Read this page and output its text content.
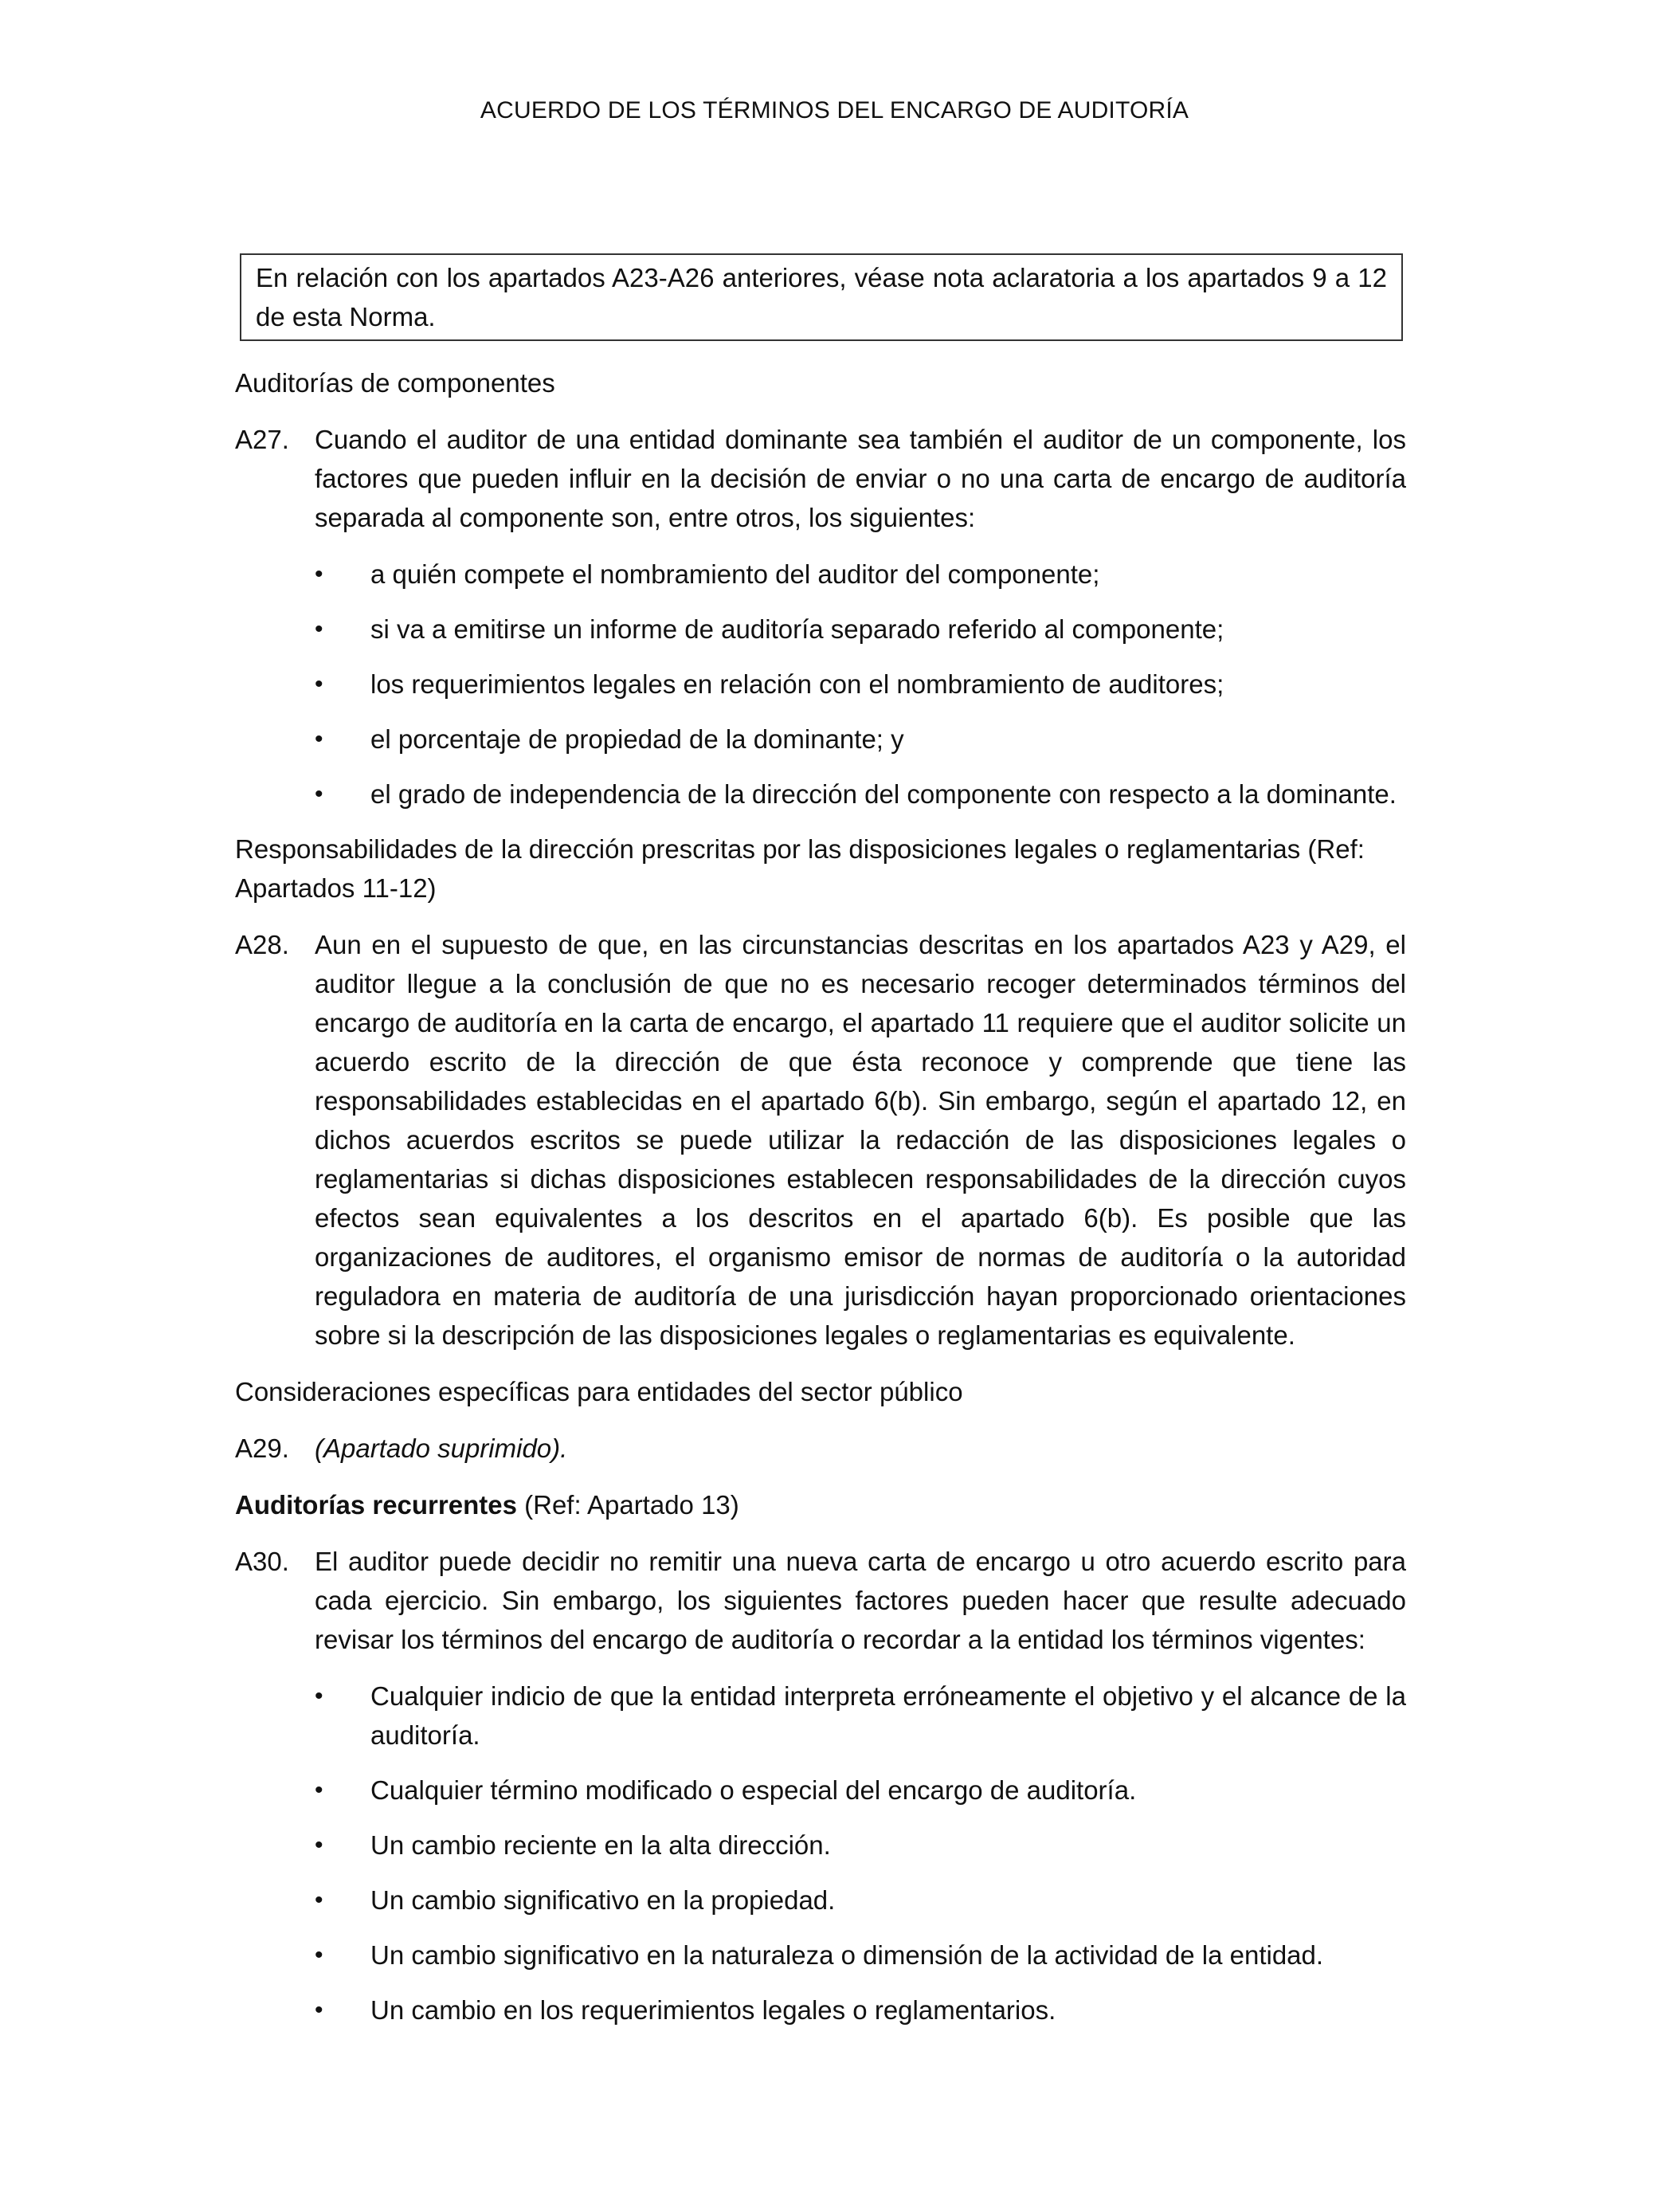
ACUERDO DE LOS TÉRMINOS DEL ENCARGO DE AUDITORÍA
En relación con los apartados A23-A26 anteriores, véase nota aclaratoria a los apartados 9 a 12 de esta Norma.
Auditorías de componentes
A27. Cuando el auditor de una entidad dominante sea también el auditor de un componente, los factores que pueden influir en la decisión de enviar o no una carta de encargo de auditoría separada al componente son, entre otros, los siguientes:
• a quién compete el nombramiento del auditor del componente;
• si va a emitirse un informe de auditoría separado referido al componente;
• los requerimientos legales en relación con el nombramiento de auditores;
• el porcentaje de propiedad de la dominante; y
• el grado de independencia de la dirección del componente con respecto a la dominante.
Responsabilidades de la dirección prescritas por las disposiciones legales o reglamentarias (Ref: Apartados 11-12)
A28. Aun en el supuesto de que, en las circunstancias descritas en los apartados A23 y A29, el auditor llegue a la conclusión de que no es necesario recoger determinados términos del encargo de auditoría en la carta de encargo, el apartado 11 requiere que el auditor solicite un acuerdo escrito de la dirección de que ésta reconoce y comprende que tiene las responsabilidades establecidas en el apartado 6(b). Sin embargo, según el apartado 12, en dichos acuerdos escritos se puede utilizar la redacción de las disposiciones legales o reglamentarias si dichas disposiciones establecen responsabilidades de la dirección cuyos efectos sean equivalentes a los descritos en el apartado 6(b). Es posible que las organizaciones de auditores, el organismo emisor de normas de auditoría o la autoridad reguladora en materia de auditoría de una jurisdicción hayan proporcionado orientaciones sobre si la descripción de las disposiciones legales o reglamentarias es equivalente.
Consideraciones específicas para entidades del sector público
A29. (Apartado suprimido).
Auditorías recurrentes (Ref: Apartado 13)
A30. El auditor puede decidir no remitir una nueva carta de encargo u otro acuerdo escrito para cada ejercicio. Sin embargo, los siguientes factores pueden hacer que resulte adecuado revisar los términos del encargo de auditoría o recordar a la entidad los términos vigentes:
• Cualquier indicio de que la entidad interpreta erróneamente el objetivo y el alcance de la auditoría.
• Cualquier término modificado o especial del encargo de auditoría.
• Un cambio reciente en la alta dirección.
• Un cambio significativo en la propiedad.
• Un cambio significativo en la naturaleza o dimensión de la actividad de la entidad.
• Un cambio en los requerimientos legales o reglamentarios.
